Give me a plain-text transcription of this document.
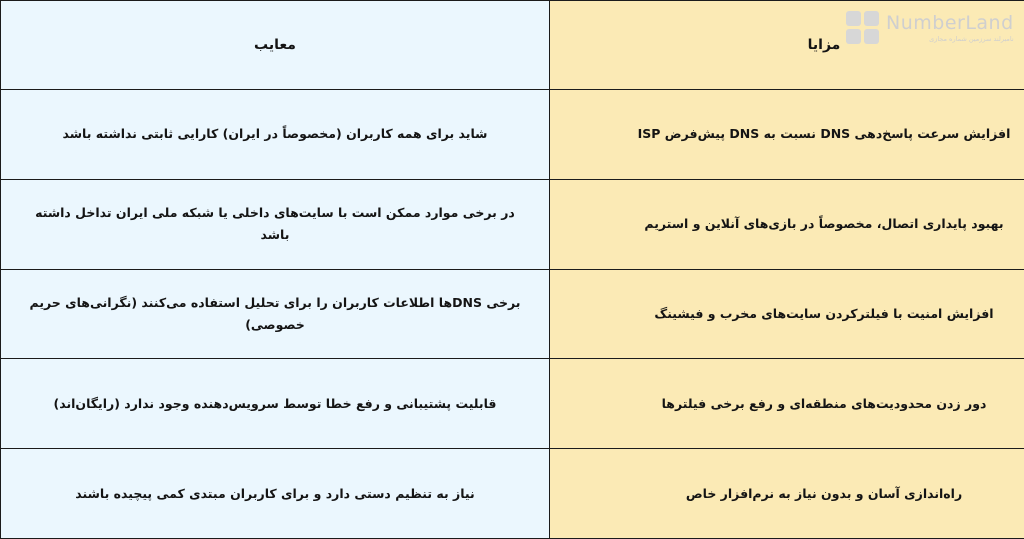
مزایا	معایب
افزایش سرعت پاسخ‌دهی DNS نسبت به DNS پیش‌فرض ISP	شاید برای همه کاربران (مخصوصاً در ایران) کارایی ثابتی نداشته باشد
بهبود پایداری اتصال، مخصوصاً در بازی‌های آنلاین و استریم	در برخی موارد ممکن است با سایت‌های داخلی یا شبکه ملی ایران تداخل داشته باشد
افزایش امنیت با فیلترکردن سایت‌های مخرب و فیشینگ	برخی DNSها اطلاعات کاربران را برای تحلیل استفاده می‌کنند (نگرانی‌های حریم خصوصی)
دور زدن محدودیت‌های منطقه‌ای و رفع برخی فیلترها	قابلیت پشتیبانی و رفع خطا توسط سرویس‌دهنده وجود ندارد (رایگان‌اند)
راه‌اندازی آسان و بدون نیاز به نرم‌افزار خاص	نیاز به تنظیم دستی دارد و برای کاربران مبتدی کمی پیچیده باشند
NumberLand
نامبرلند سرزمین شماره مجازی
